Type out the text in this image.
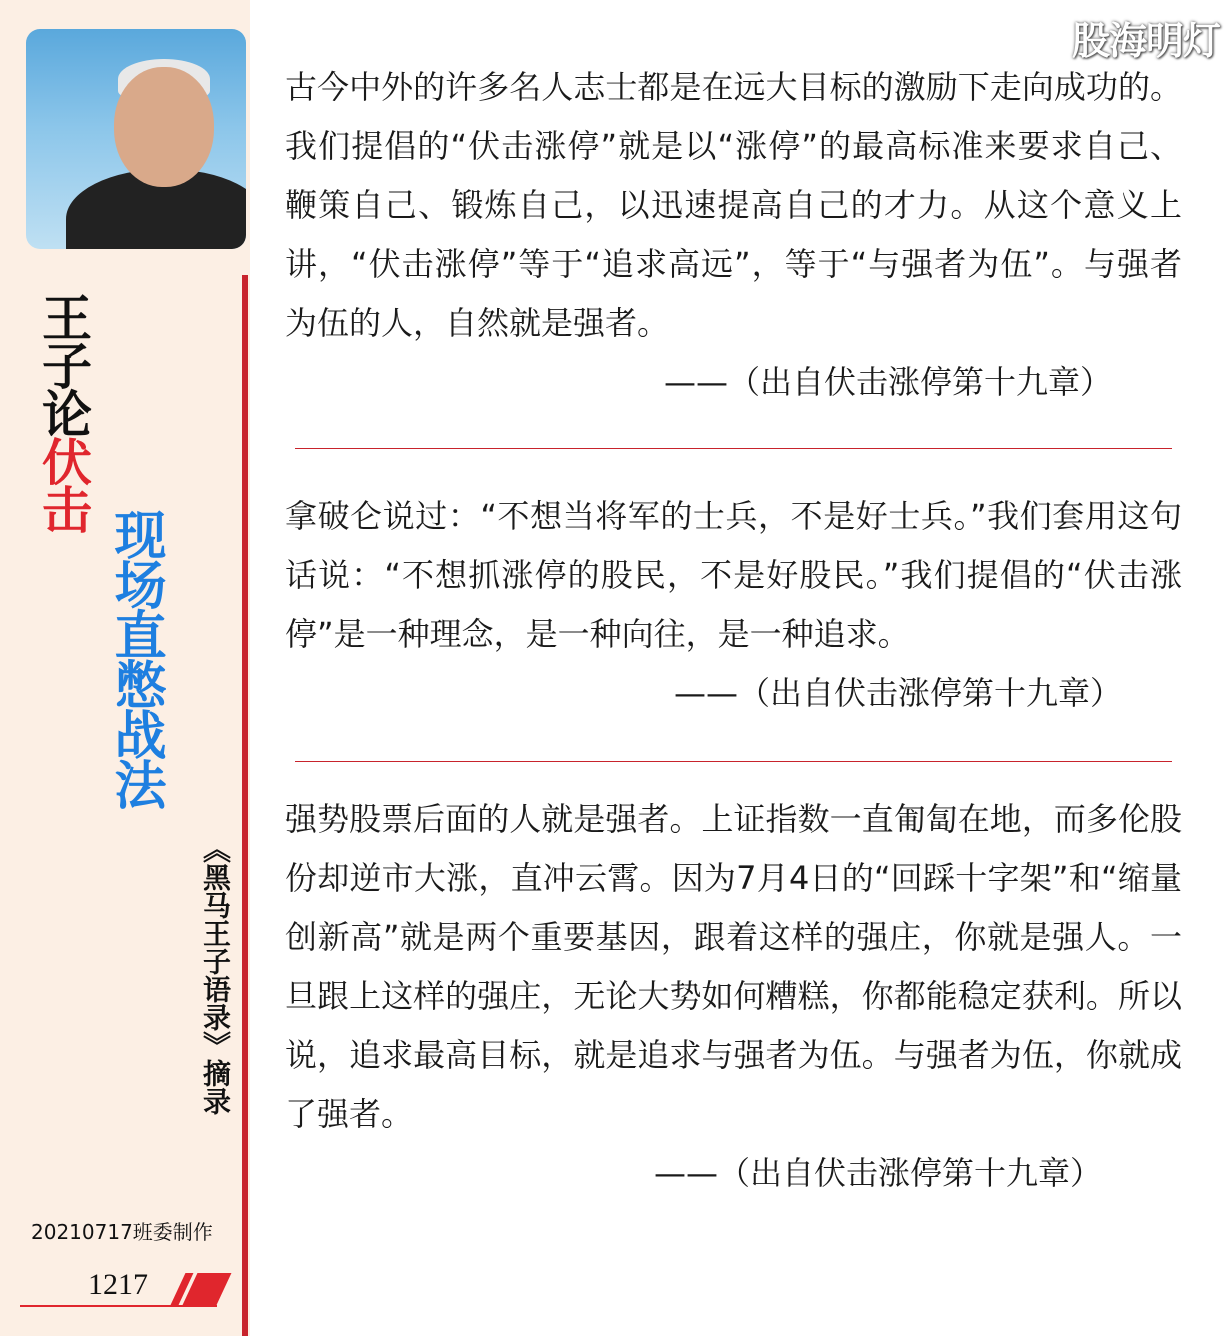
王子论伏击
现场直憋战法
《黑马王子语录》摘录
20210717班委制作
1217
股海明灯

古今中外的许多名人志士都是在远大目标的激励下走向成功的。我们提倡的“伏击涨停”就是以“涨停”的最高标准来要求自己、鞭策自己、锻炼自己，以迅速提高自己的才力。从这个意义上讲，“伏击涨停”等于“追求高远”，等于“与强者为伍”。与强者为伍的人，自然就是强者。

——（出自伏击涨停第十九章）

拿破仑说过：“不想当将军的士兵，不是好士兵。”我们套用这句话说：“不想抓涨停的股民，不是好股民。”我们提倡的“伏击涨停”是一种理念，是一种向往，是一种追求。

——（出自伏击涨停第十九章）

强势股票后面的人就是强者。上证指数一直匍匐在地，而多伦股份却逆市大涨，直冲云霄。因为7月4日的“回踩十字架”和“缩量创新高”就是两个重要基因，跟着这样的强庄，你就是强人。一旦跟上这样的强庄，无论大势如何糟糕，你都能稳定获利。所以说，追求最高目标，就是追求与强者为伍。与强者为伍，你就成了强者。

——（出自伏击涨停第十九章）
